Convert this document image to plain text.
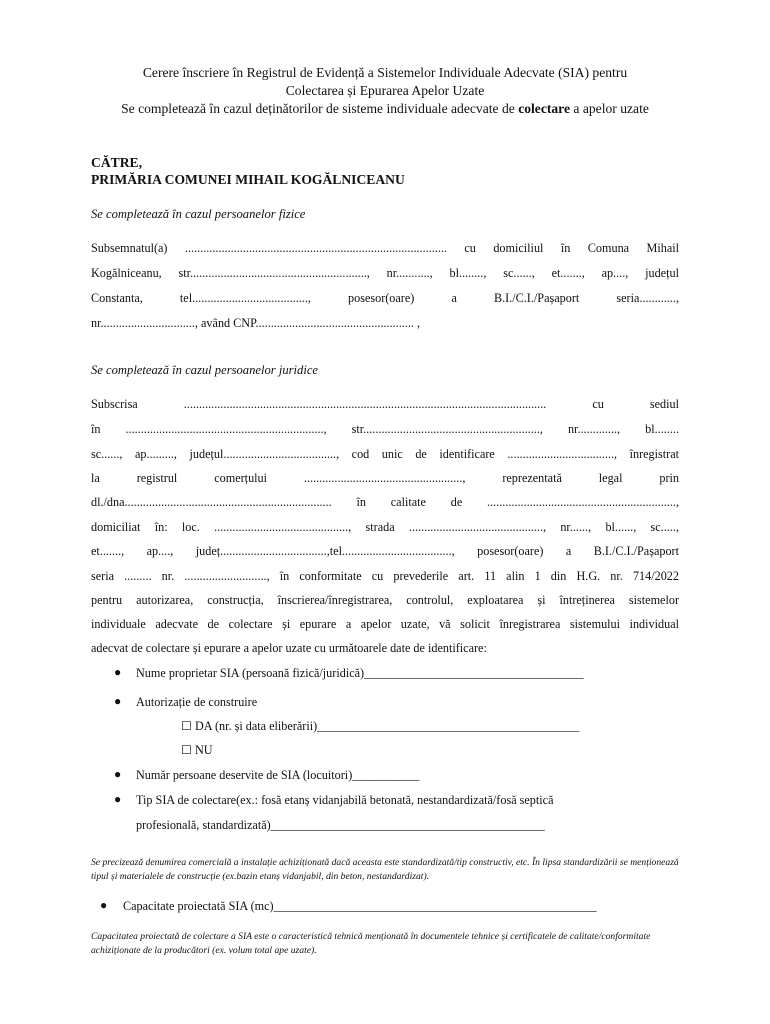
Cerere înscriere în Registrul de Evidență a Sistemelor Individuale Adecvate (SIA) pentru
Colectarea și Epurarea Apelor Uzate
Se completează în cazul deținătorilor de sisteme individuale adecvate de colectare a apelor uzate
CĂTRE,
PRIMĂRIA COMUNEI MIHAIL KOGĂLNICEANU
Se completează în cazul persoanelor fizice
Subsemnatul(a) ...................................................................................... cu domiciliul în Comuna Mihail
Kogălniceanu, str.........................................................., nr..........., bl........, sc......, et......., ap...., județul
Constanta, tel......................................, posesor(oare) a B.I./C.I./Pașaport seria............,
nr..............................., având CNP.................................................... ,
Se completează în cazul persoanelor juridice
Subscrisa ....................................................................................................................... cu sediul
în ................................................................., str.........................................................., nr............., bl........
sc......, ap........., județul....................................., cod unic de identificare ..................................., înregistrat
la registrul comerțului ...................................................., reprezentată legal prin
dl./dna.................................................................... în calitate de ..............................................................,
domiciliat în: loc. ............................................, strada ............................................, nr......, bl......, sc.....,
et......., ap...., județ...................................,tel...................................., posesor(oare) a B.I./C.I./Pașaport
seria ......... nr. ..........................., în conformitate cu prevederile art. 11 alin 1 din H.G. nr. 714/2022
pentru autorizarea, construcția, înscrierea/înregistrarea, controlul, exploatarea și întreținerea sistemelor
individuale adecvate de colectare și epurare a apelor uzate, vă solicit înregistrarea sistemului individual
adecvat de colectare și epurare a apelor uzate cu următoarele date de identificare:
● Nume proprietar SIA (persoană fizică/juridică)____________________________________
● Autorizație de construire
☐ DA (nr. și data eliberării)___________________________________________
☐ NU
● Număr persoane deservite de SIA (locuitori)___________
● Tip SIA de colectare(ex.: fosă etanș vidanjabilă betonată, nestandardizată/fosă septică
profesională, standardizată)_____________________________________________
Se precizează denumirea comercială a instalație achiziționată dacă aceasta este standardizată/tip constructiv, etc. În lipsa standardizării se menționează tipul și materialele de construcție (ex.bazin etanș vidanjabil, din beton, nestandardizat).
● Capacitate proiectată SIA (mc)_____________________________________________________
Capacitatea proiectată de colectare a SIA este o caracteristică tehnică menționată în documentele tehnice și certificatele de calitate/conformitate achiziționate de la producători (ex. volum total ape uzate).
